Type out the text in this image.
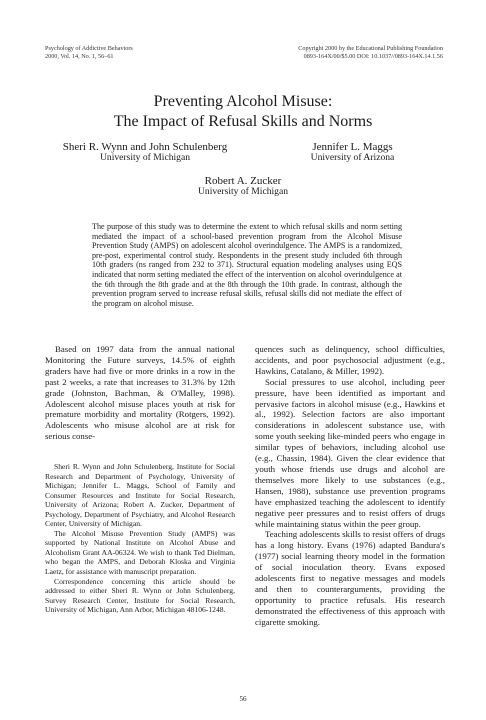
Psychology of Addictive Behaviors
2000, Vol. 14, No. 1, 56–61
Copyright 2000 by the Educational Publishing Foundation
0893-164X/00/$5.00 DOI: 10.1037//0893-164X.14.1.56
Preventing Alcohol Misuse:
The Impact of Refusal Skills and Norms
Sheri R. Wynn and John Schulenberg
University of Michigan
Jennifer L. Maggs
University of Arizona
Robert A. Zucker
University of Michigan
The purpose of this study was to determine the extent to which refusal skills and norm setting mediated the impact of a school-based prevention program from the Alcohol Misuse Prevention Study (AMPS) on adolescent alcohol overindulgence. The AMPS is a randomized, pre-post, experimental control study. Respondents in the present study included 6th through 10th graders (ns ranged from 232 to 371). Structural equation modeling analyses using EQS indicated that norm setting mediated the effect of the intervention on alcohol overindulgence at the 6th through the 8th grade and at the 8th through the 10th grade. In contrast, although the prevention program served to increase refusal skills, refusal skills did not mediate the effect of the program on alcohol misuse.

Based on 1997 data from the annual national Monitoring the Future surveys, 14.5% of eighth graders have had five or more drinks in a row in the past 2 weeks, a rate that increases to 31.3% by 12th grade (Johnston, Bachman, & O'Malley, 1998). Adolescent alcohol misuse places youth at risk for premature morbidity and mortality (Rotgers, 1992). Adolescents who misuse alcohol are at risk for serious conse-

Sheri R. Wynn and John Schulenberg, Institute for Social Research and Department of Psychology, University of Michigan; Jennifer L. Maggs, School of Family and Consumer Resources and Institute for Social Research, University of Arizona; Robert A. Zucker, Department of Psychology, Department of Psychiatry, and Alcohol Research Center, University of Michigan.

The Alcohol Misuse Prevention Study (AMPS) was supported by National Institute on Alcohol Abuse and Alcoholism Grant AA-06324. We wish to thank Ted Dielman, who began the AMPS, and Deborah Kloska and Virginia Laetz, for assistance with manuscript preparation.

Correspondence concerning this article should be addressed to either Sheri R. Wynn or John Schulenberg, Survey Research Center, Institute for Social Research, University of Michigan, Ann Arbor, Michigan 48106-1248.

quences such as delinquency, school difficulties, accidents, and poor psychosocial adjustment (e.g., Hawkins, Catalano, & Miller, 1992).

Social pressures to use alcohol, including peer pressure, have been identified as important and pervasive factors in alcohol misuse (e.g., Hawkins et al., 1992). Selection factors are also important considerations in adolescent substance use, with some youth seeking like-minded peers who engage in similar types of behaviors, including alcohol use (e.g., Chassin, 1984). Given the clear evidence that youth whose friends use drugs and alcohol are themselves more likely to use substances (e.g., Hansen, 1988), substance use prevention programs have emphasized teaching the adolescent to identify negative peer pressures and to resist offers of drugs while maintaining status within the peer group.

Teaching adolescents skills to resist offers of drugs has a long history. Evans (1976) adapted Bandura's (1977) social learning theory model in the formation of social inoculation theory. Evans exposed adolescents first to negative messages and models and then to counterarguments, providing the opportunity to practice refusals. His research demonstrated the effectiveness of this approach with cigarette smoking.

56
